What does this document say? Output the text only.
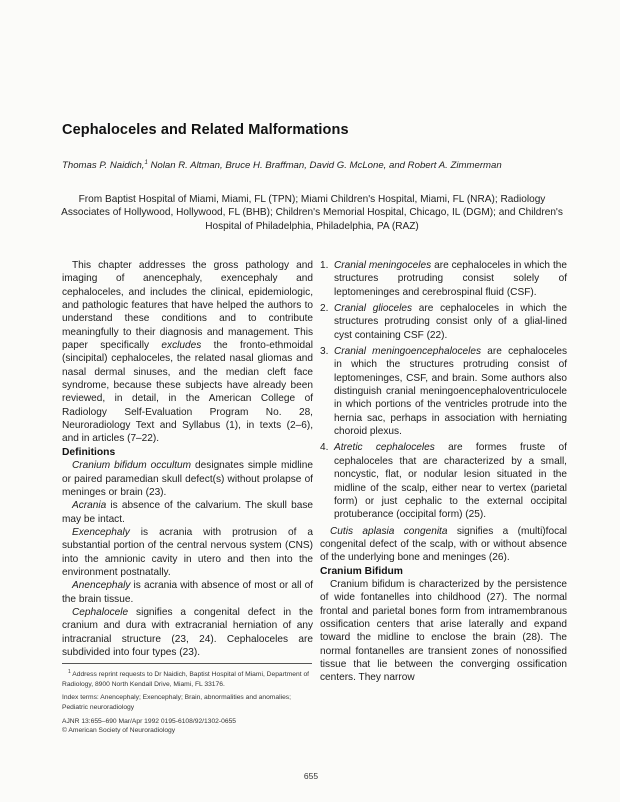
Cephaloceles and Related Malformations
Thomas P. Naidich,$^1$ Nolan R. Altman, Bruce H. Braffman, David G. McLone, and Robert A. Zimmerman
From Baptist Hospital of Miami, Miami, FL (TPN); Miami Children's Hospital, Miami, FL (NRA); Radiology Associates of Hollywood, Hollywood, FL (BHB); Children's Memorial Hospital, Chicago, IL (DGM); and Children's Hospital of Philadelphia, Philadelphia, PA (RAZ)

This chapter addresses the gross pathology and imaging of anencephaly, exencephaly and cephaloceles, and includes the clinical, epidemiologic, and pathologic features that have helped the authors to understand these conditions and to contribute meaningfully to their diagnosis and management. This paper specifically excludes the fronto-ethmoidal (sincipital) cephaloceles, the related nasal gliomas and nasal dermal sinuses, and the median cleft face syndrome, because these subjects have already been reviewed, in detail, in the American College of Radiology Self-Evaluation Program No. 28, Neuroradiology Text and Syllabus (1), in texts (2–6), and in articles (7–22).

Definitions

Cranium bifidum occultum designates simple midline or paired paramedian skull defect(s) without prolapse of meninges or brain (23).

Acrania is absence of the calvarium. The skull base may be intact.

Exencephaly is acrania with protrusion of a substantial portion of the central nervous system (CNS) into the amnionic cavity in utero and then into the environment postnatally.

Anencephaly is acrania with absence of most or all of the brain tissue.

Cephalocele signifies a congenital defect in the cranium and dura with extracranial herniation of any intracranial structure (23, 24). Cephaloceles are subdivided into four types (23).

1. Cranial meningoceles are cephaloceles in which the structures protruding consist solely of leptomeninges and cerebrospinal fluid (CSF).
2. Cranial glioceles are cephaloceles in which the structures protruding consist only of a glial-lined cyst containing CSF (22).
3. Cranial meningoencephaloceles are cephaloceles in which the structures protruding consist of leptomeninges, CSF, and brain. Some authors also distinguish cranial meningoencephaloventriculocele in which portions of the ventricles protrude into the hernia sac, perhaps in association with herniating choroid plexus.
4. Atretic cephaloceles are formes fruste of cephaloceles that are characterized by a small, noncystic, flat, or nodular lesion situated in the midline of the scalp, either near to vertex (parietal form) or just cephalic to the external occipital protuberance (occipital form) (25).

Cutis aplasia congenita signifies a (multi)focal congenital defect of the scalp, with or without absence of the underlying bone and meninges (26).

Cranium Bifidum

Cranium bifidum is characterized by the persistence of wide fontanelles into childhood (27). The normal frontal and parietal bones form from intramembranous ossification centers that arise laterally and expand toward the midline to enclose the brain (28). The normal fontanelles are transient zones of nonossified tissue that lie between the converging ossification centers. They narrow

$^1$ Address reprint requests to Dr Naidich, Baptist Hospital of Miami, Department of Radiology, 8900 North Kendall Drive, Miami, FL 33176.

Index terms: Anencephaly; Exencephaly; Brain, abnormalities and anomalies; Pediatric neuroradiology

AJNR 13:655–690 Mar/Apr 1992 0195-6108/92/1302-0655

© American Society of Neuroradiology

655
